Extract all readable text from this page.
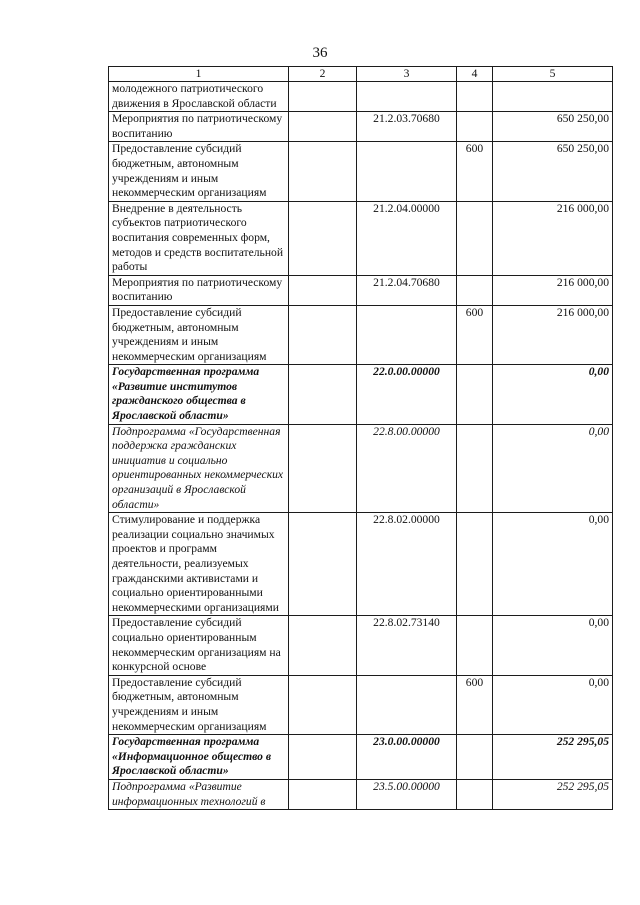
36
1	2	3	4	5
молодежного патриотического движения в Ярославской области				
Мероприятия по патриотическому воспитанию		21.2.03.70680		650 250,00
Предоставление субсидий бюджетным, автономным учреждениям и иным некоммерческим организациям			600	650 250,00
Внедрение в деятельность субъектов патриотического воспитания современных форм, методов и средств воспитательной работы		21.2.04.00000		216 000,00
Мероприятия по патриотическому воспитанию		21.2.04.70680		216 000,00
Предоставление субсидий бюджетным, автономным учреждениям и иным некоммерческим организациям			600	216 000,00
Государственная программа «Развитие институтов гражданского общества в Ярославской области»		22.0.00.00000		0,00
Подпрограмма «Государственная поддержка гражданских инициатив и социально ориентированных некоммерческих организаций в Ярославской области»		22.8.00.00000		0,00
Стимулирование и поддержка реализации социально значимых проектов и программ деятельности, реализуемых гражданскими активистами и социально ориентированными некоммерческими организациями		22.8.02.00000		0,00
Предоставление субсидий социально ориентированным некоммерческим организациям на конкурсной основе		22.8.02.73140		0,00
Предоставление субсидий бюджетным, автономным учреждениям и иным некоммерческим организациям			600	0,00
Государственная программа «Информационное общество в Ярославской области»		23.0.00.00000		252 295,05
Подпрограмма «Развитие информационных технологий в		23.5.00.00000		252 295,05
